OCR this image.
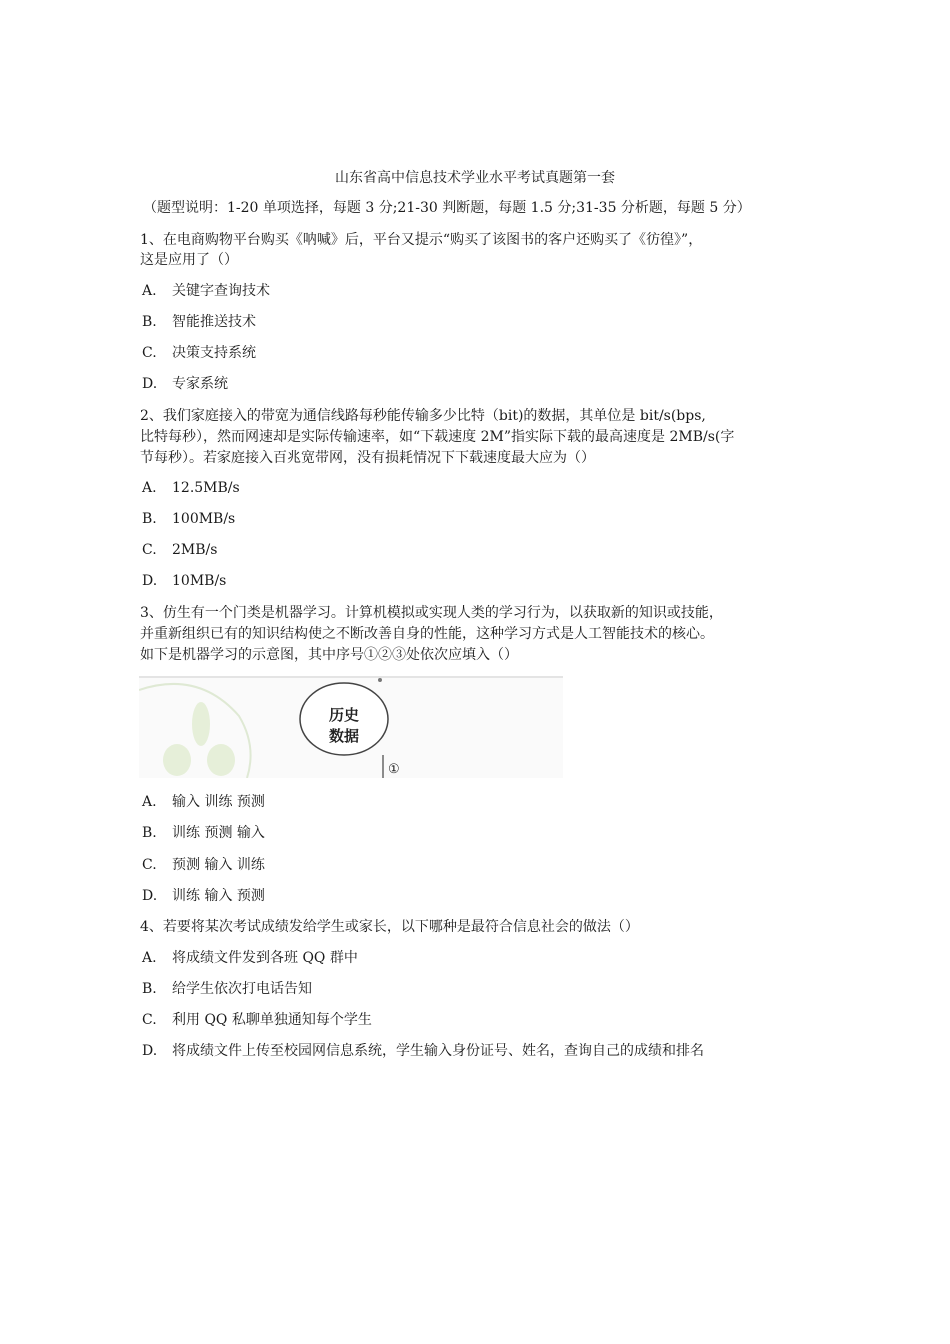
山东省高中信息技术学业水平考试真题第一套
（题型说明：1-20 单项选择，每题 3 分;21-30 判断题，每题 1.5 分;31-35 分析题，每题 5 分）
1、在电商购物平台购买《呐喊》后，平台又提示“购买了该图书的客户还购买了《彷徨》”，
这是应用了（）
A. 关键字查询技术
B. 智能推送技术
C. 决策支持系统
D. 专家系统
2、我们家庭接入的带宽为通信线路每秒能传输多少比特（bit)的数据，其单位是 bit/s(bps,
比特每秒），然而网速却是实际传输速率，如“下载速度 2M”指实际下载的最高速度是 2MB/s(字
节每秒）。若家庭接入百兆宽带网，没有损耗情况下下载速度最大应为（）
A. 12.5MB/s
B. 100MB/s
C. 2MB/s
D. 10MB/s
3、仿生有一个门类是机器学习。计算机模拟或实现人类的学习行为，以获取新的知识或技能，
并重新组织已有的知识结构使之不断改善自身的性能，这种学习方式是人工智能技术的核心。
如下是机器学习的示意图，其中序号①②③处依次应填入（）
历史数据
①
A. 输入 训练 预测
B. 训练 预测 输入
C. 预测 输入 训练
D. 训练 输入 预测
4、若要将某次考试成绩发给学生或家长，以下哪种是最符合信息社会的做法（）
A. 将成绩文件发到各班 QQ 群中
B. 给学生依次打电话告知
C. 利用 QQ 私聊单独通知每个学生
D. 将成绩文件上传至校园网信息系统，学生输入身份证号、姓名，查询自己的成绩和排名
